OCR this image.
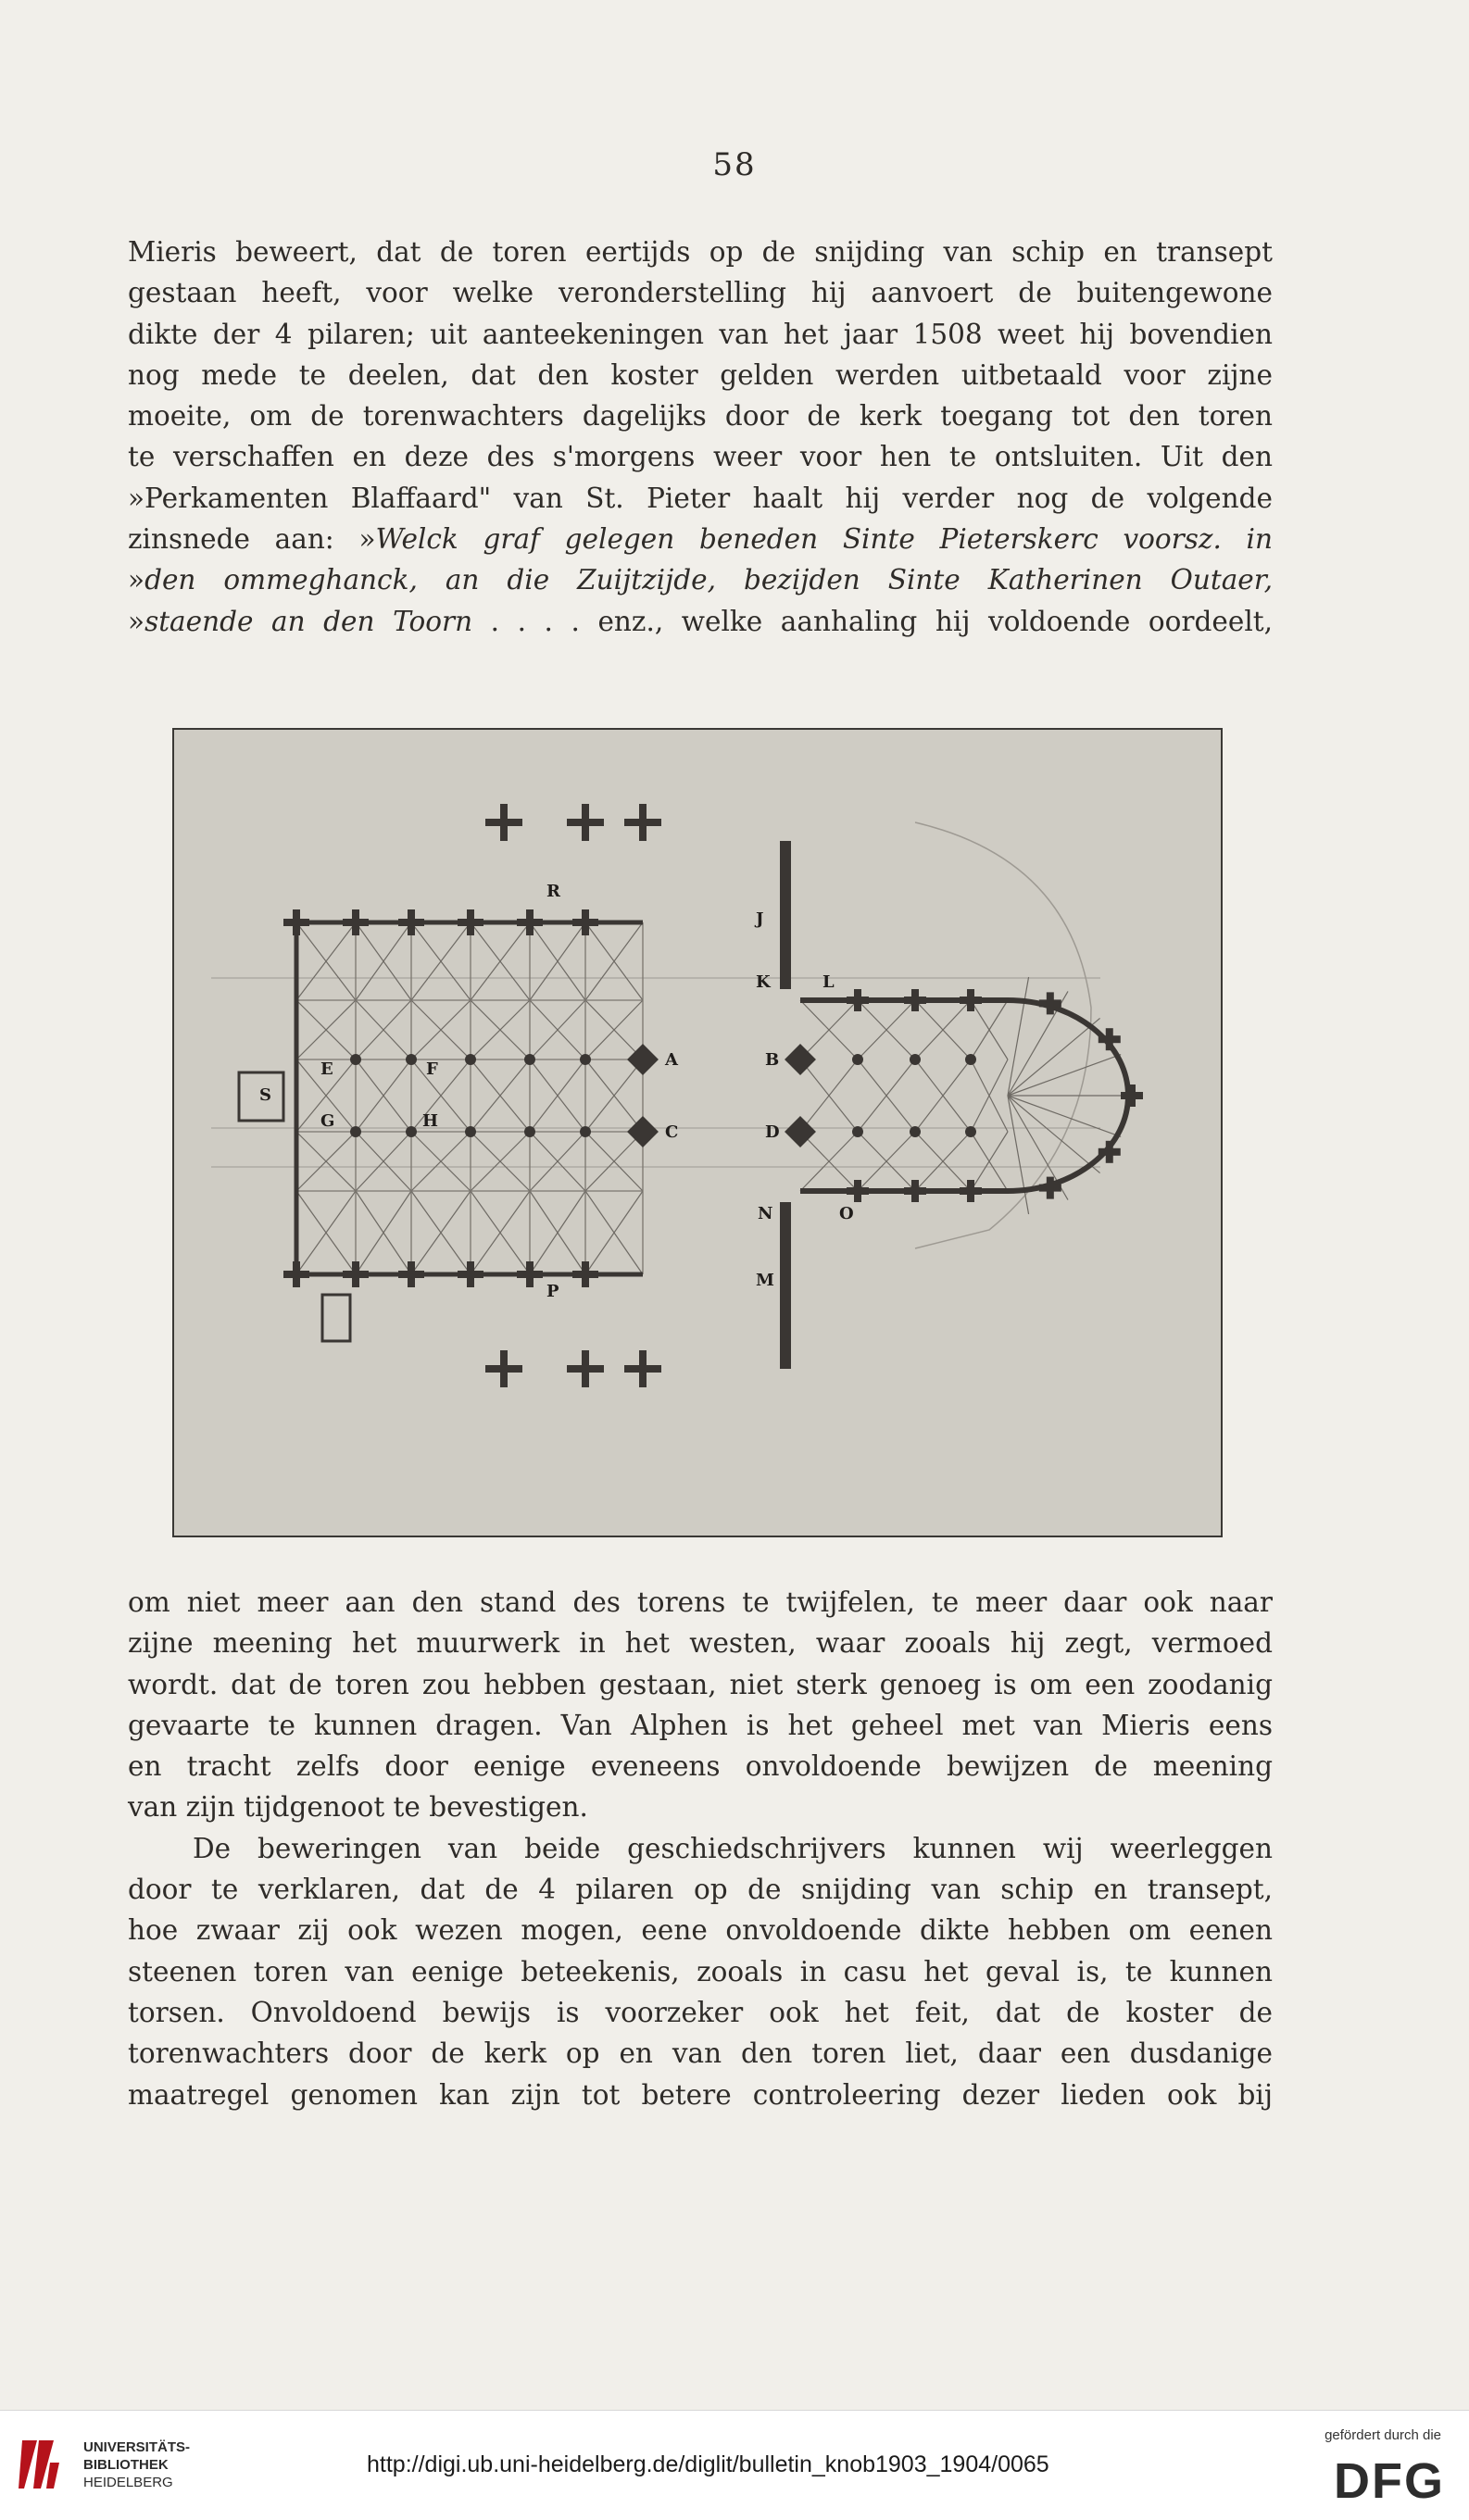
58

Mieris beweert, dat de toren eertijds op de snijding van schip en transept

gestaan heeft, voor welke veronderstelling hij aanvoert de buitengewone

dikte der 4 pilaren; uit aanteekeningen van het jaar 1508 weet hij bovendien

nog mede te deelen, dat den koster gelden werden uitbetaald voor zijne

moeite, om de torenwachters dagelijks door de kerk toegang tot den toren

te verschaffen en deze des s'morgens weer voor hen te ontsluiten. Uit den

»Perkamenten Blaffaard" van St. Pieter haalt hij verder nog de volgende

zinsnede aan: »Welck graf gelegen beneden Sinte Pieterskerc voorsz. in

»den ommeghanck, an die Zuijtzijde, bezijden Sinte Katherinen Outaer,

»staende an den Toorn . . . . enz., welke aanhaling hij voldoende oordeelt,

R
J
K	L
A	B
E	F
S
G	H
C	D
N	O
M
P

om niet meer aan den stand des torens te twijfelen, te meer daar ook naar

zijne meening het muurwerk in het westen, waar zooals hij zegt, vermoed

wordt. dat de toren zou hebben gestaan, niet sterk genoeg is om een zoodanig

gevaarte te kunnen dragen. Van Alphen is het geheel met van Mieris eens

en tracht zelfs door eenige eveneens onvoldoende bewijzen de meening

van zijn tijdgenoot te bevestigen.

De beweringen van beide geschiedschrijvers kunnen wij weerleggen

door te verklaren, dat de 4 pilaren op de snijding van schip en transept,

hoe zwaar zij ook wezen mogen, eene onvoldoende dikte hebben om eenen

steenen toren van eenige beteekenis, zooals in casu het geval is, te kunnen

torsen. Onvoldoend bewijs is voorzeker ook het feit, dat de koster de

torenwachters door de kerk op en van den toren liet, daar een dusdanige

maatregel genomen kan zijn tot betere controleering dezer lieden ook bij

UNIVERSITÄTS-
BIBLIOTHEK
HEIDELBERG
http://digi.ub.uni-heidelberg.de/diglit/bulletin_knob1903_1904/0065
gefördert durch die
DFG
